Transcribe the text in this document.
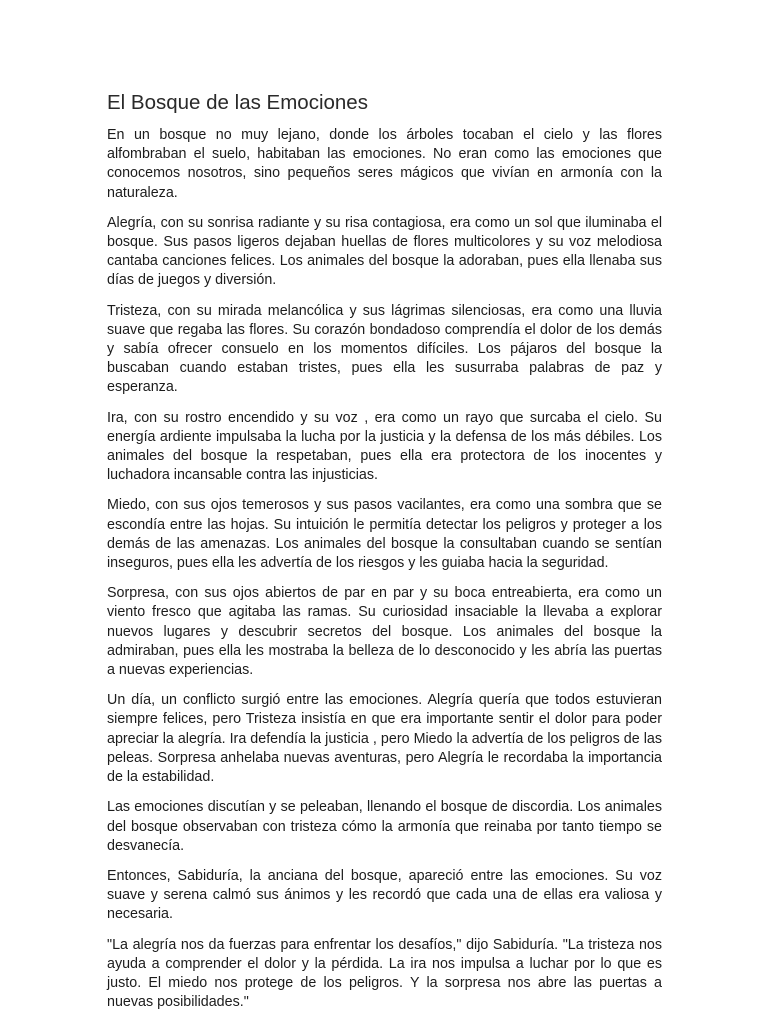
El Bosque de las Emociones

En un bosque no muy lejano, donde los árboles tocaban el cielo y las flores alfombraban el suelo, habitaban las emociones. No eran como las emociones que conocemos nosotros, sino pequeños seres mágicos que vivían en armonía con la naturaleza.

Alegría, con su sonrisa radiante y su risa contagiosa, era como un sol que iluminaba el bosque. Sus pasos ligeros dejaban huellas de flores multicolores y su voz melodiosa cantaba canciones felices. Los animales del bosque la adoraban, pues ella llenaba sus días de juegos y diversión.

Tristeza, con su mirada melancólica y sus lágrimas silenciosas, era como una lluvia suave que regaba las flores. Su corazón bondadoso comprendía el dolor de los demás y sabía ofrecer consuelo en los momentos difíciles. Los pájaros del bosque la buscaban cuando estaban tristes, pues ella les susurraba palabras de paz y esperanza.

Ira, con su rostro encendido y su voz , era como un rayo que surcaba el cielo. Su energía ardiente impulsaba la lucha por la justicia y la defensa de los más débiles. Los animales del bosque la respetaban, pues ella era protectora de los inocentes y luchadora incansable contra las injusticias.

Miedo, con sus ojos temerosos y sus pasos vacilantes, era como una sombra que se escondía entre las hojas. Su intuición le permitía detectar los peligros y proteger a los demás de las amenazas. Los animales del bosque la consultaban cuando se sentían inseguros, pues ella les advertía de los riesgos y les guiaba hacia la seguridad.

Sorpresa, con sus ojos abiertos de par en par y su boca entreabierta, era como un viento fresco que agitaba las ramas. Su curiosidad insaciable la llevaba a explorar nuevos lugares y descubrir secretos del bosque. Los animales del bosque la admiraban, pues ella les mostraba la belleza de lo desconocido y les abría las puertas a nuevas experiencias.

Un día, un conflicto surgió entre las emociones. Alegría quería que todos estuvieran siempre felices, pero Tristeza insistía en que era importante sentir el dolor para poder apreciar la alegría. Ira defendía la justicia , pero Miedo la advertía de los peligros de las peleas. Sorpresa anhelaba nuevas aventuras, pero Alegría le recordaba la importancia de la estabilidad.

Las emociones discutían y se peleaban, llenando el bosque de discordia. Los animales del bosque observaban con tristeza cómo la armonía que reinaba por tanto tiempo se desvanecía.

Entonces, Sabiduría, la anciana del bosque, apareció entre las emociones. Su voz suave y serena calmó sus ánimos y les recordó que cada una de ellas era valiosa y necesaria.

"La alegría nos da fuerzas para enfrentar los desafíos," dijo Sabiduría. "La tristeza nos ayuda a comprender el dolor y la pérdida. La ira nos impulsa a luchar por lo que es justo. El miedo nos protege de los peligros. Y la sorpresa nos abre las puertas a nuevas posibilidades."
